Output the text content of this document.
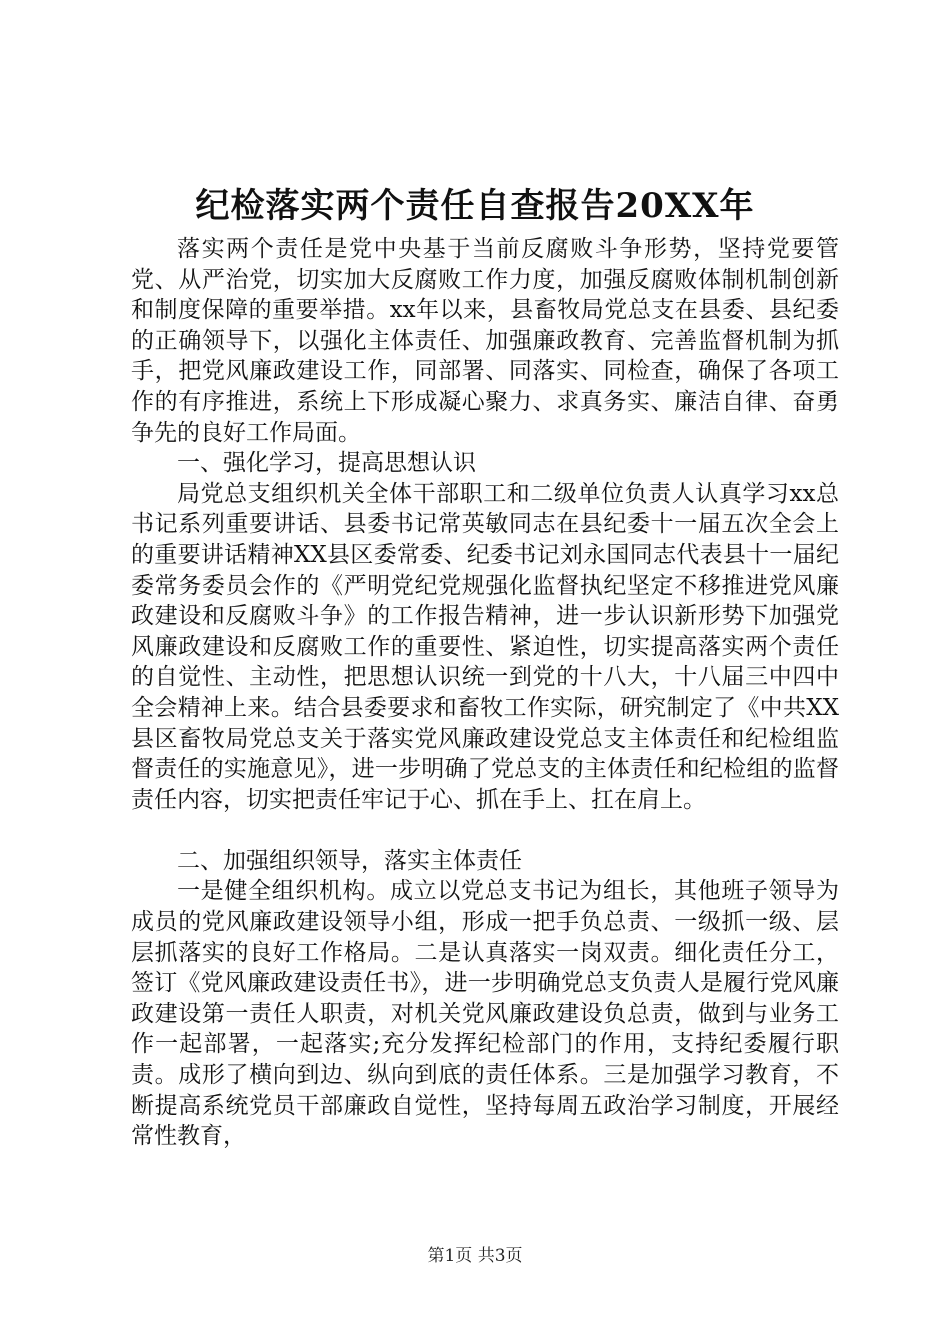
纪检落实两个责任自查报告20XX年

落实两个责任是党中央基于当前反腐败斗争形势，坚持党要管党、从严治党，切实加大反腐败工作力度，加强反腐败体制机制创新和制度保障的重要举措。xx年以来，县畜牧局党总支在县委、县纪委的正确领导下，以强化主体责任、加强廉政教育、完善监督机制为抓手，把党风廉政建设工作，同部署、同落实、同检查，确保了各项工作的有序推进，系统上下形成凝心聚力、求真务实、廉洁自律、奋勇争先的良好工作局面。

一、强化学习，提高思想认识

局党总支组织机关全体干部职工和二级单位负责人认真学习xx总书记系列重要讲话、县委书记常英敏同志在县纪委十一届五次全会上的重要讲话精神XX县区委常委、纪委书记刘永国同志代表县十一届纪委常务委员会作的《严明党纪党规强化监督执纪坚定不移推进党风廉政建设和反腐败斗争》的工作报告精神，进一步认识新形势下加强党风廉政建设和反腐败工作的重要性、紧迫性，切实提高落实两个责任的自觉性、主动性，把思想认识统一到党的十八大，十八届三中四中全会精神上来。结合县委要求和畜牧工作实际，研究制定了《中共XX县区畜牧局党总支关于落实党风廉政建设党总支主体责任和纪检组监督责任的实施意见》，进一步明确了党总支的主体责任和纪检组的监督责任内容，切实把责任牢记于心、抓在手上、扛在肩上。

二、加强组织领导，落实主体责任

一是健全组织机构。成立以党总支书记为组长，其他班子领导为成员的党风廉政建设领导小组，形成一把手负总责、一级抓一级、层层抓落实的良好工作格局。二是认真落实一岗双责。细化责任分工，签订《党风廉政建设责任书》，进一步明确党总支负责人是履行党风廉政建设第一责任人职责，对机关党风廉政建设负总责，做到与业务工作一起部署，一起落实;充分发挥纪检部门的作用，支持纪委履行职责。成形了横向到边、纵向到底的责任体系。三是加强学习教育，不断提高系统党员干部廉政自觉性，坚持每周五政治学习制度，开展经常性教育，

第1页 共3页
